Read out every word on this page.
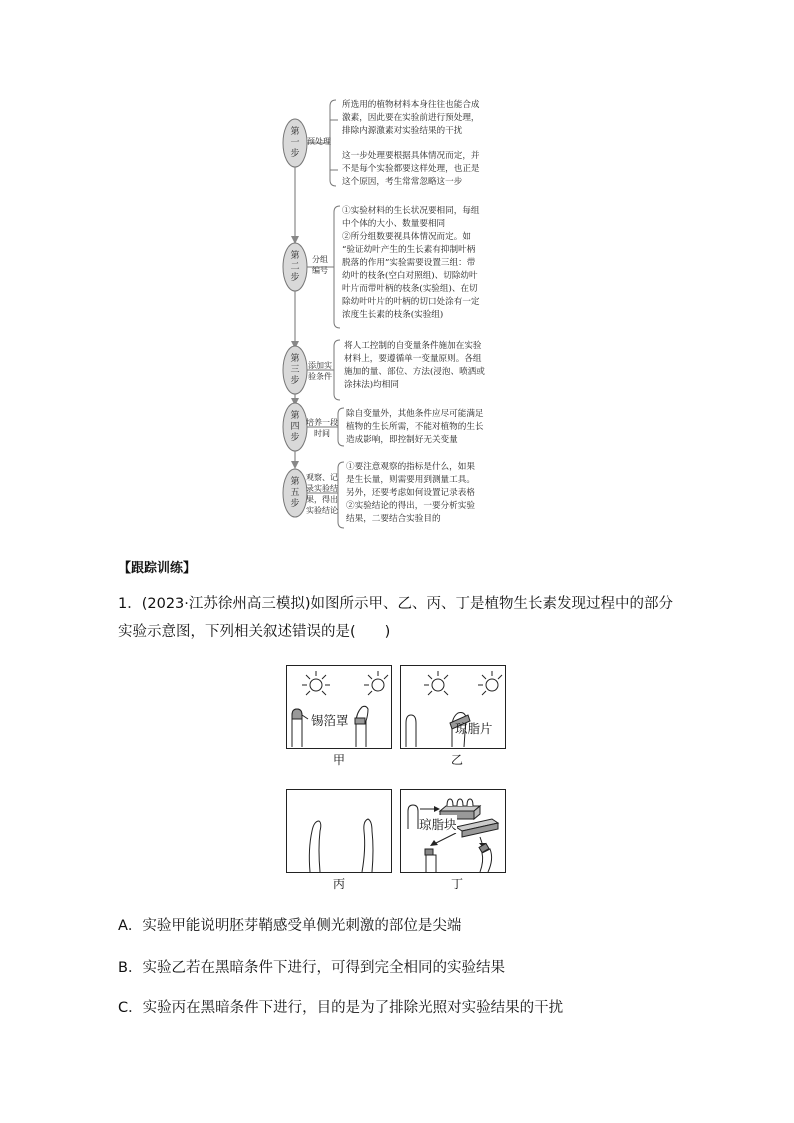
第
一
步
第
二
步
第
三
步
第
四
步
第
五
步
预处理
分组
编号
添加实
验条件
培养一段
时间
观察、记
录实验结
果，得出
实验结论
所选用的植物材料本身往往也能合成
激素，因此要在实验前进行预处理，
排除内源激素对实验结果的干扰
这一步处理要根据具体情况而定，并
不是每个实验都要这样处理，也正是
这个原因，考生常常忽略这一步
①实验材料的生长状况要相同，每组
中个体的大小、数量要相同
②所分组数要视具体情况而定。如
“验证幼叶产生的生长素有抑制叶柄
脱落的作用”实验需要设置三组：带
幼叶的枝条(空白对照组)、切除幼叶
叶片而带叶柄的枝条(实验组)、在切
除幼叶叶片的叶柄的切口处涂有一定
浓度生长素的枝条(实验组)
将人工控制的自变量条件施加在实验
材料上，要遵循单一变量原则。各组
施加的量、部位、方法(浸泡、喷洒或
涂抹法)均相同
除自变量外，其他条件应尽可能满足
植物的生长所需，不能对植物的生长
造成影响，即控制好无关变量
①要注意观察的指标是什么，如果
是生长量，则需要用到测量工具。
另外，还要考虑如何设置记录表格
②实验结论的得出，一要分析实验
结果，二要结合实验目的
【跟踪训练】
1．(2023·江苏徐州高三模拟)如图所示甲、乙、丙、丁是植物生长素发现过程中的部分实验示意图，下列相关叙述错误的是(　　)
锡箔罩
甲
琼脂片
乙
丙
琼脂块
丁
A．实验甲能说明胚芽鞘感受单侧光刺激的部位是尖端
B．实验乙若在黑暗条件下进行，可得到完全相同的实验结果
C．实验丙在黑暗条件下进行，目的是为了排除光照对实验结果的干扰
